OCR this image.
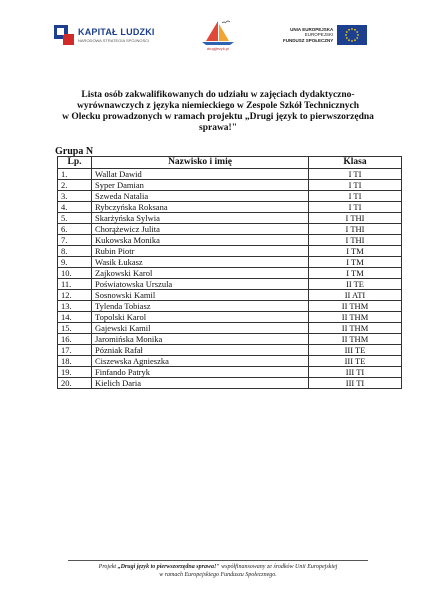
KAPITAŁ LUDZKI
NARODOWA STRATEGIA SPÓJNOŚCI
drugijezyk.pl
UNIA EUROPEJSKA
EUROPEJSKI
FUNDUSZ SPOŁECZNY
Lista osób zakwalifikowanych do udziału w zajęciach dydaktyczno-
wyrównawczych z języka niemieckiego w Zespole Szkół Technicznych
w Olecku prowadzonych w ramach projektu „Drugi język to pierwszorzędna
sprawa!"
Grupa N
Lp.	Nazwisko i imię	Klasa
1.	Wallat Dawid	I TI
2.	Syper Damian	I TI
3.	Szweda Natalia	I TI
4.	Rybczyńska Roksana	I TI
5.	Skarżyńska Sylwia	I THI
6.	Chorążewicz Julita	I THI
7.	Kukowska Monika	I THI
8.	Rubin Piotr	I TM
9.	Wasik Łukasz	I TM
10.	Zajkowski Karol	I TM
11.	Poświatowska Urszula	II TE
12.	Sosnowski Kamil	II ATI
13.	Tylenda Tobiasz	II THM
14.	Topolski Karol	II THM
15.	Gajewski Kamil	II THM
16.	Jaromińska Monika	II THM
17.	Pózniak Rafał	III TE
18.	Ciszewska Agnieszka	III TE
19.	Finfando Patryk	III TI
20.	Kielich Daria	III TI
Projekt „Drugi język to pierwszorzędna sprawa!" współfinansowany ze środków Unii Europejskiej
w ramach Europejskiego Funduszu Społecznego.
